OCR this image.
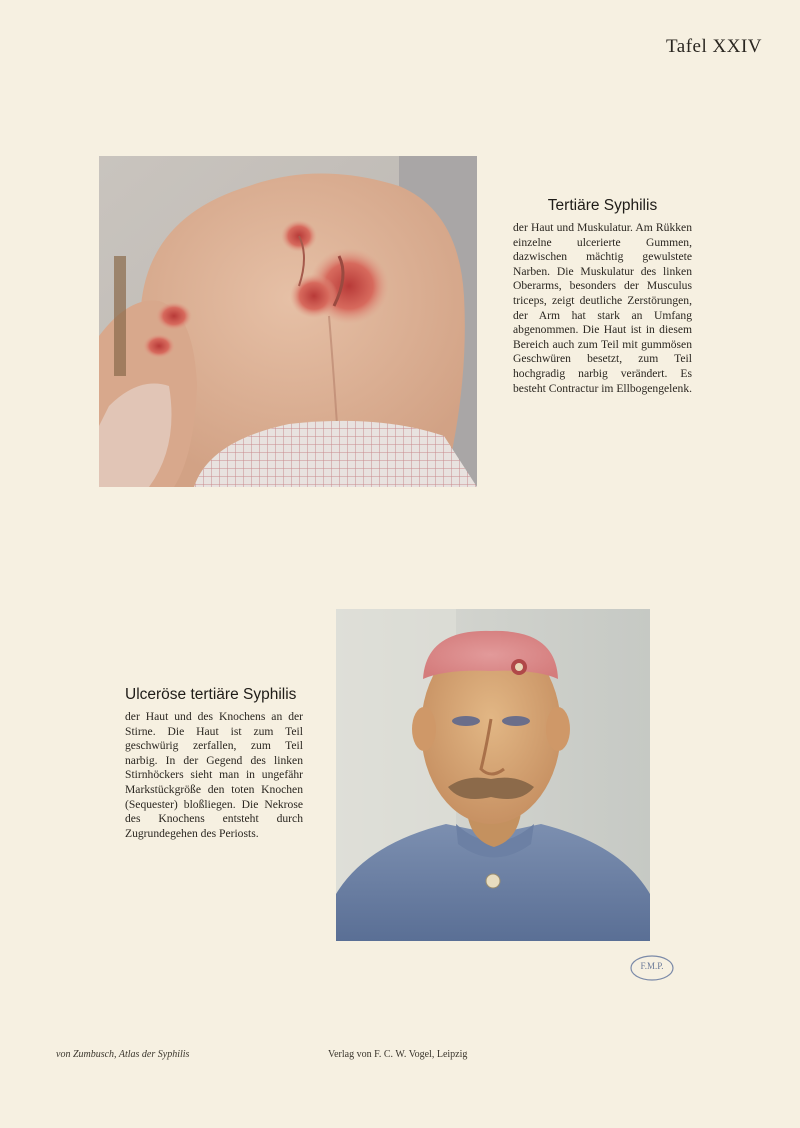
Tafel XXIV
Tertiäre Syphilis

der Haut und Muskulatur. Am Rükken einzelne ulcerierte Gummen, dazwischen mächtig gewulstete Narben. Die Muskulatur des linken Oberarms, besonders der Musculus triceps, zeigt deutliche Zerstörungen, der Arm hat stark an Umfang abgenommen. Die Haut ist in diesem Bereich auch zum Teil mit gummösen Geschwüren besetzt, zum Teil hochgradig narbig verändert. Es besteht Contractur im Ellbogengelenk.

Ulceröse tertiäre Syphilis

der Haut und des Knochens an der Stirne. Die Haut ist zum Teil geschwürig zerfallen, zum Teil narbig. In der Gegend des linken Stirnhöckers sieht man in ungefähr Markstückgröße den toten Knochen (Sequester) bloßliegen. Die Nekrose des Knochens entsteht durch Zugrundegehen des Periosts.

F.M.P.
von Zumbusch, Atlas der Syphilis	Verlag von F. C. W. Vogel, Leipzig
